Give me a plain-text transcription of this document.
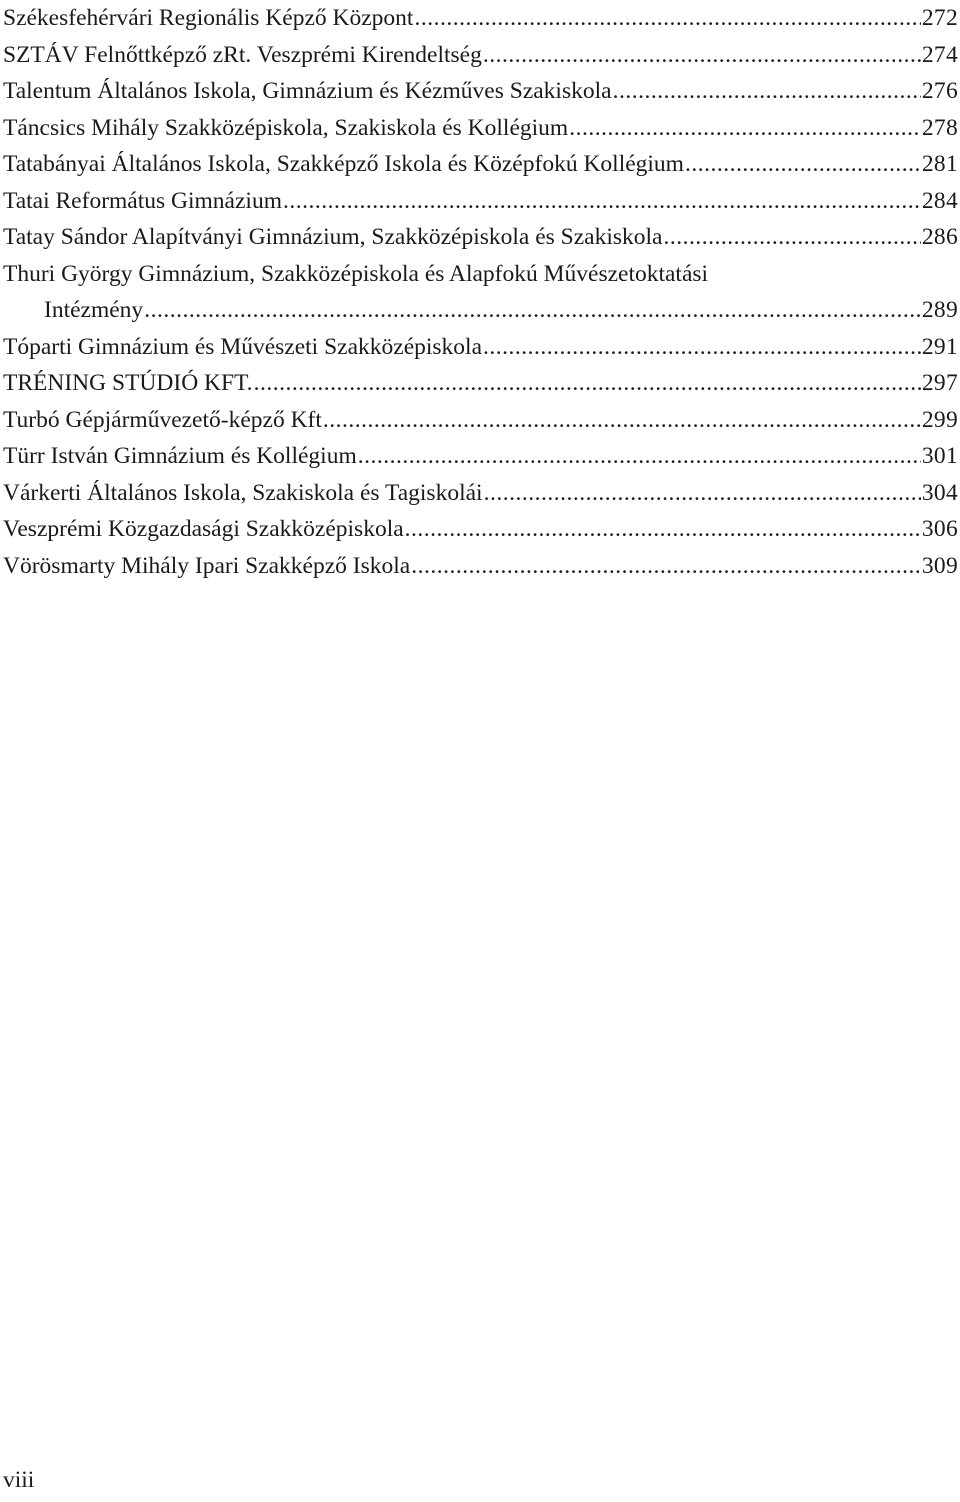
Székesfehérvári Regionális Képző Központ .....	272
SZTÁV Felnőttképző zRt. Veszprémi Kirendeltség .....	274
Talentum Általános Iskola, Gimnázium és Kézműves Szakiskola .....	276
Táncsics Mihály Szakközépiskola, Szakiskola és Kollégium .....	278
Tatabányai Általános Iskola, Szakképző Iskola és Középfokú Kollégium .....	281
Tatai Református Gimnázium .....	284
Tatay Sándor Alapítványi Gimnázium, Szakközépiskola és Szakiskola .....	286
Thuri György Gimnázium, Szakközépiskola és Alapfokú Művészetoktatási
Intézmény .....	289
Tóparti Gimnázium és Művészeti Szakközépiskola .....	291
TRÉNING STÚDIÓ KFT. .....	297
Turbó Gépjárművezető-képző Kft .....	299
Türr István Gimnázium és Kollégium .....	301
Várkerti Általános Iskola, Szakiskola és Tagiskolái .....	304
Veszprémi Közgazdasági Szakközépiskola .....	306
Vörösmarty Mihály Ipari Szakképző Iskola .....	309
viii
